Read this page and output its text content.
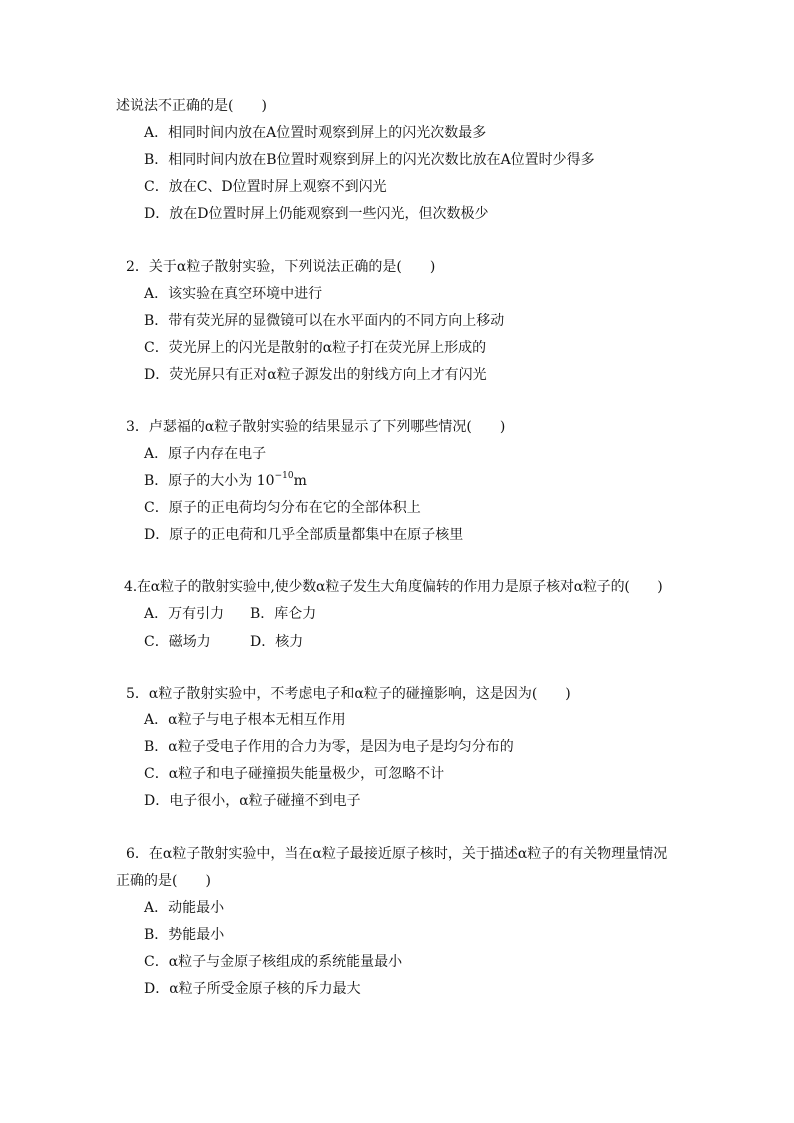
述说法不正确的是(　　)
A．相同时间内放在A位置时观察到屏上的闪光次数最多
B．相同时间内放在B位置时观察到屏上的闪光次数比放在A位置时少得多
C．放在C、D位置时屏上观察不到闪光
D．放在D位置时屏上仍能观察到一些闪光，但次数极少
2．关于α粒子散射实验，下列说法正确的是(　　)
A．该实验在真空环境中进行
B．带有荧光屏的显微镜可以在水平面内的不同方向上移动
C．荧光屏上的闪光是散射的α粒子打在荧光屏上形成的
D．荧光屏只有正对α粒子源发出的射线方向上才有闪光
3．卢瑟福的α粒子散射实验的结果显示了下列哪些情况(　　)
A．原子内存在电子
B．原子的大小为 $10^{-10}m$
C．原子的正电荷均匀分布在它的全部体积上
D．原子的正电荷和几乎全部质量都集中在原子核里
4.在α粒子的散射实验中,使少数α粒子发生大角度偏转的作用力是原子核对α粒子的(　　)
A．万有引力 B．库仑力
C．磁场力	D．核力
5．α粒子散射实验中，不考虑电子和α粒子的碰撞影响，这是因为(　　)
A．α粒子与电子根本无相互作用
B．α粒子受电子作用的合力为零，是因为电子是均匀分布的
C．α粒子和电子碰撞损失能量极少，可忽略不计
D．电子很小，α粒子碰撞不到电子
6．在α粒子散射实验中，当在α粒子最接近原子核时，关于描述α粒子的有关物理量情况
正确的是(　　)
A．动能最小
B．势能最小
C．α粒子与金原子核组成的系统能量最小
D．α粒子所受金原子核的斥力最大
